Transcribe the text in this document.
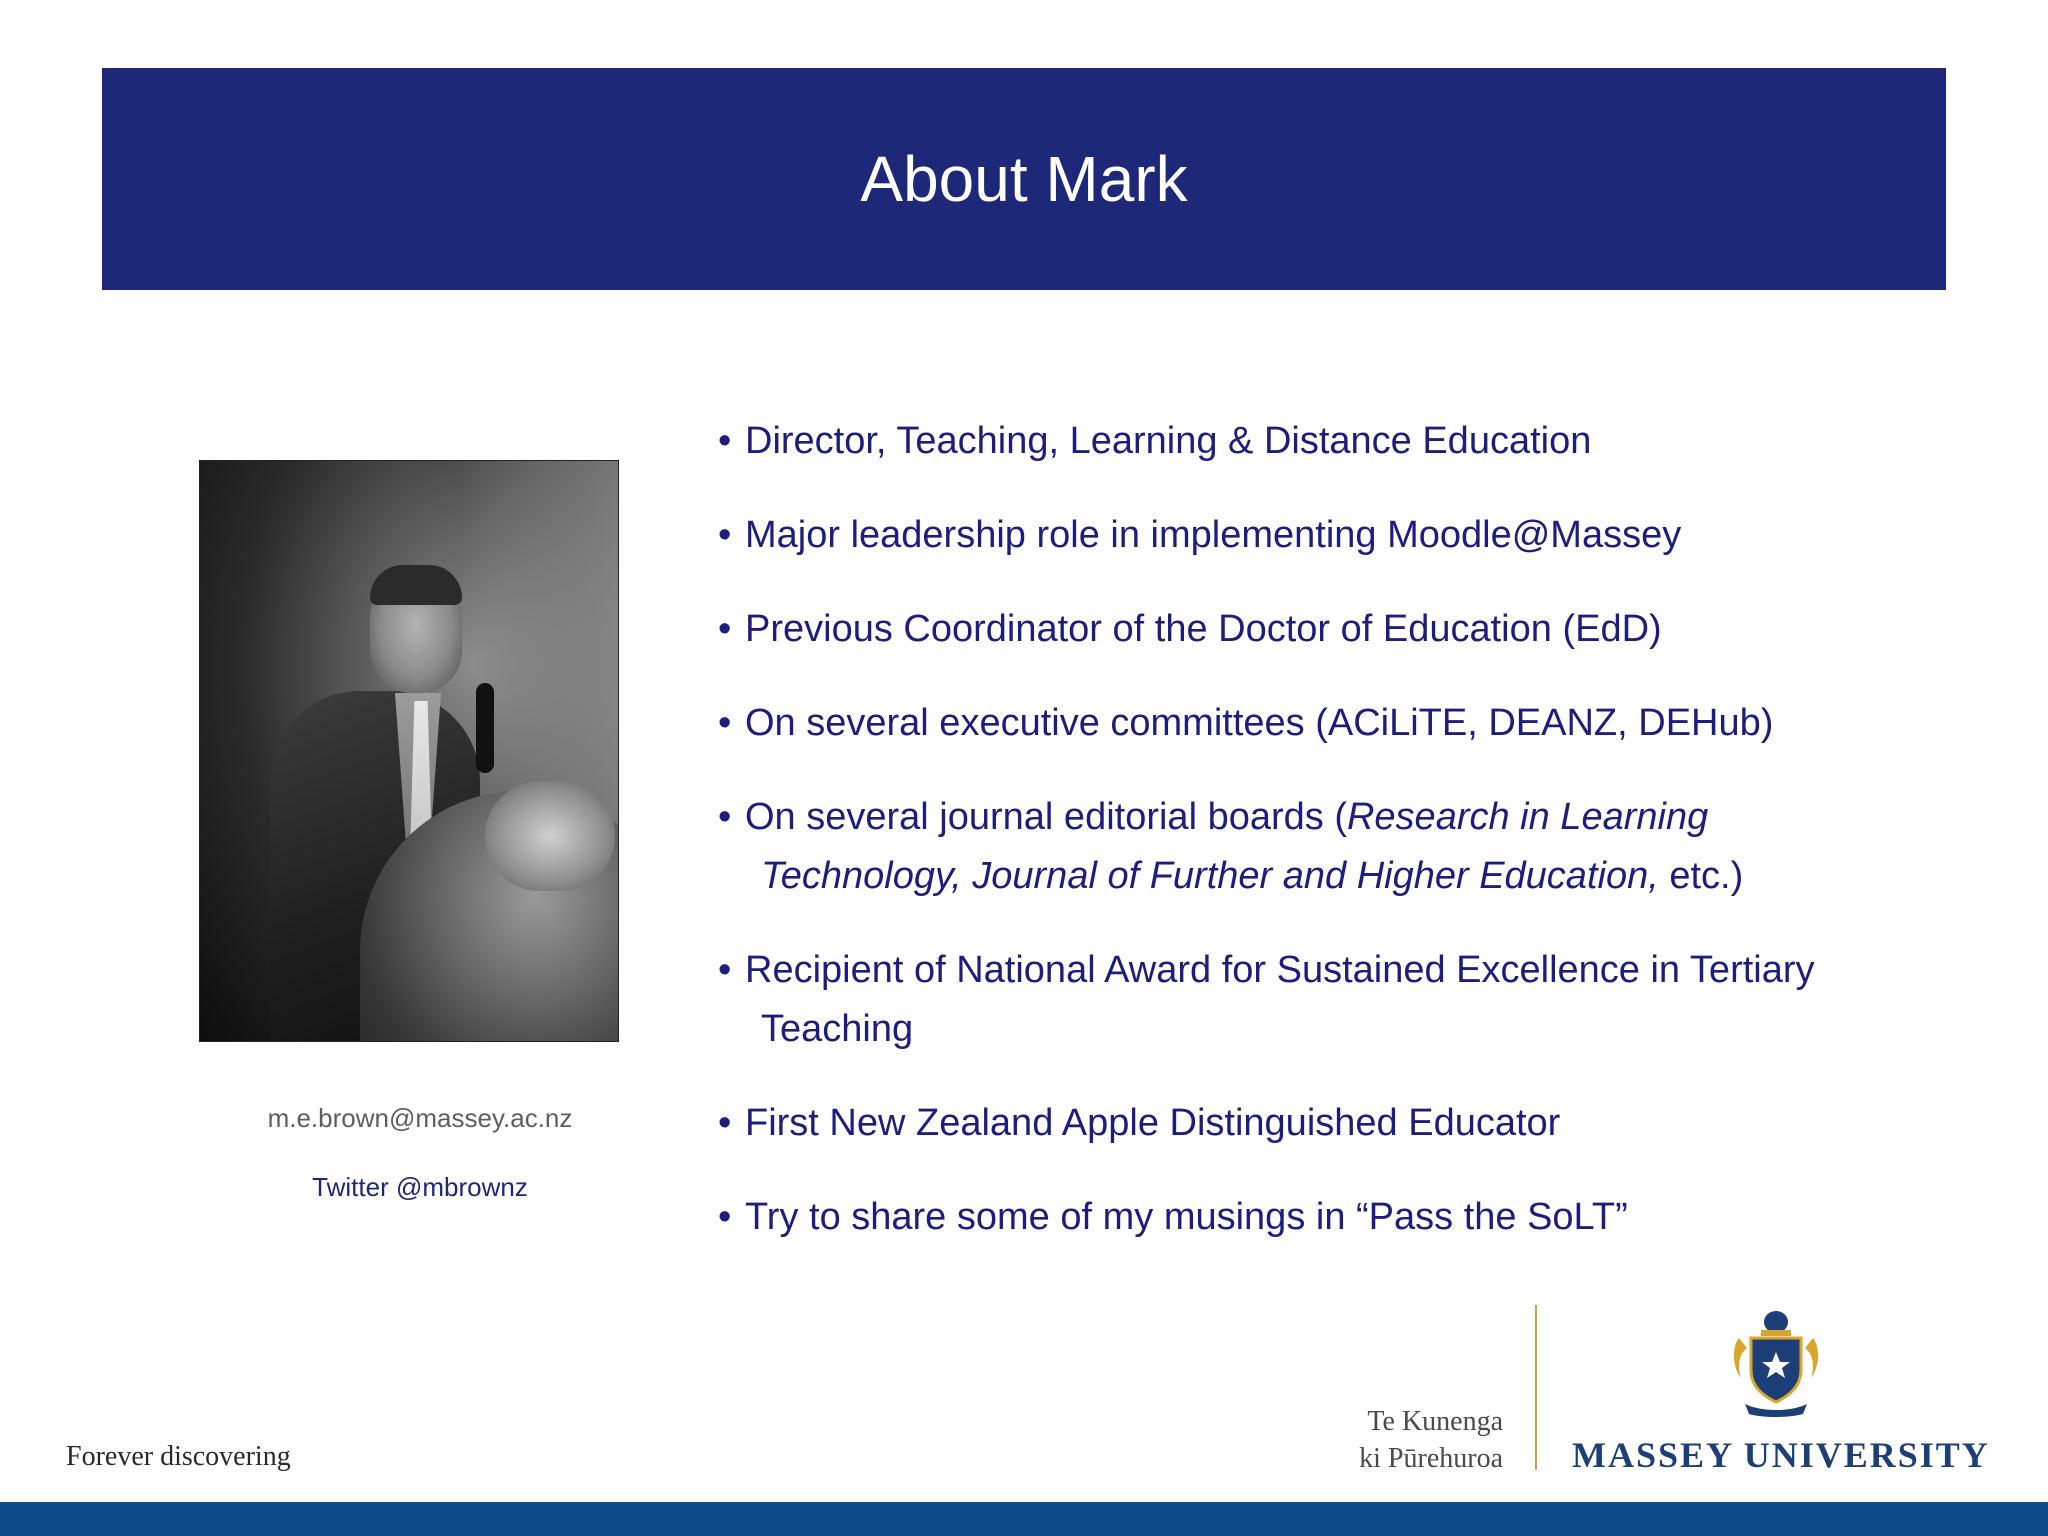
About Mark
m.e.brown@massey.ac.nz
Twitter @mbrownz
• Director, Teaching, Learning & Distance Education
• Major leadership role in implementing Moodle@Massey
• Previous Coordinator of the Doctor of Education (EdD)
• On several executive committees (ACiLiTE, DEANZ, DEHub)
• On several journal editorial boards (Research in Learning
Technology, Journal of Further and Higher Education, etc.)
• Recipient of National Award for Sustained Excellence in Tertiary
Teaching
• First New Zealand Apple Distinguished Educator
• Try to share some of my musings in “Pass the SoLT”
Forever discovering
Te Kunenga
ki Pūrehuroa MASSEY UNIVERSITY
